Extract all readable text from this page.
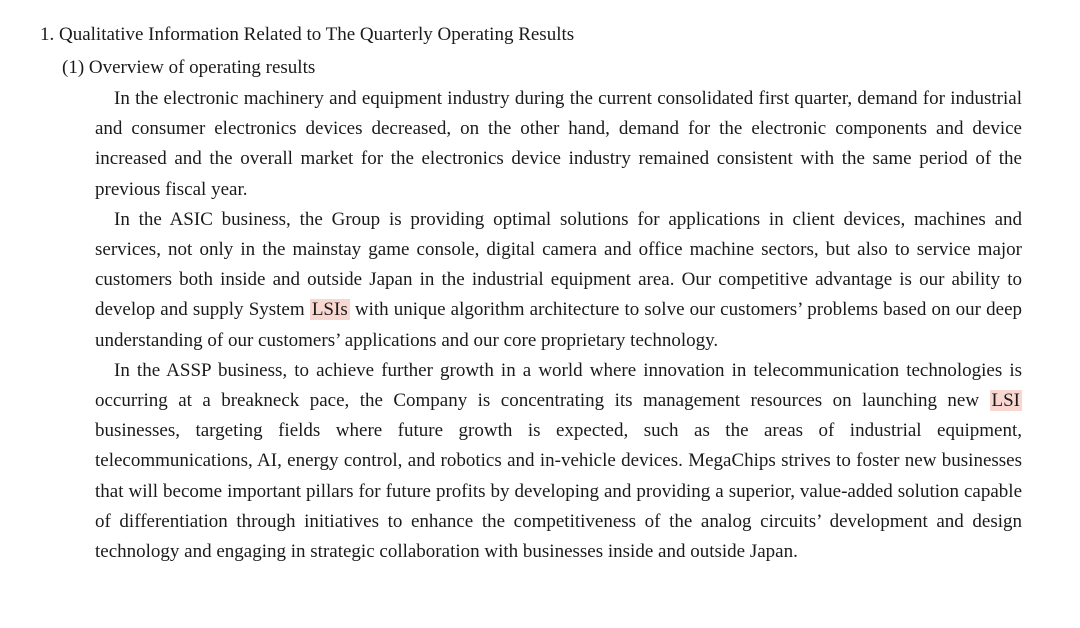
1. Qualitative Information Related to The Quarterly Operating Results
(1) Overview of operating results

In the electronic machinery and equipment industry during the current consolidated first quarter, demand for industrial and consumer electronics devices decreased, on the other hand, demand for the electronic components and device increased and the overall market for the electronics device industry remained consistent with the same period of the previous fiscal year.

In the ASIC business, the Group is providing optimal solutions for applications in client devices, machines and services, not only in the mainstay game console, digital camera and office machine sectors, but also to service major customers both inside and outside Japan in the industrial equipment area. Our competitive advantage is our ability to develop and supply System LSIs with unique algorithm architecture to solve our customers’ problems based on our deep understanding of our customers’ applications and our core proprietary technology.

In the ASSP business, to achieve further growth in a world where innovation in telecommunication technologies is occurring at a breakneck pace, the Company is concentrating its management resources on launching new LSI businesses, targeting fields where future growth is expected, such as the areas of industrial equipment, telecommunications, AI, energy control, and robotics and in-vehicle devices. MegaChips strives to foster new businesses that will become important pillars for future profits by developing and providing a superior, value-added solution capable of differentiation through initiatives to enhance the competitiveness of the analog circuits’ development and design technology and engaging in strategic collaboration with businesses inside and outside Japan.
